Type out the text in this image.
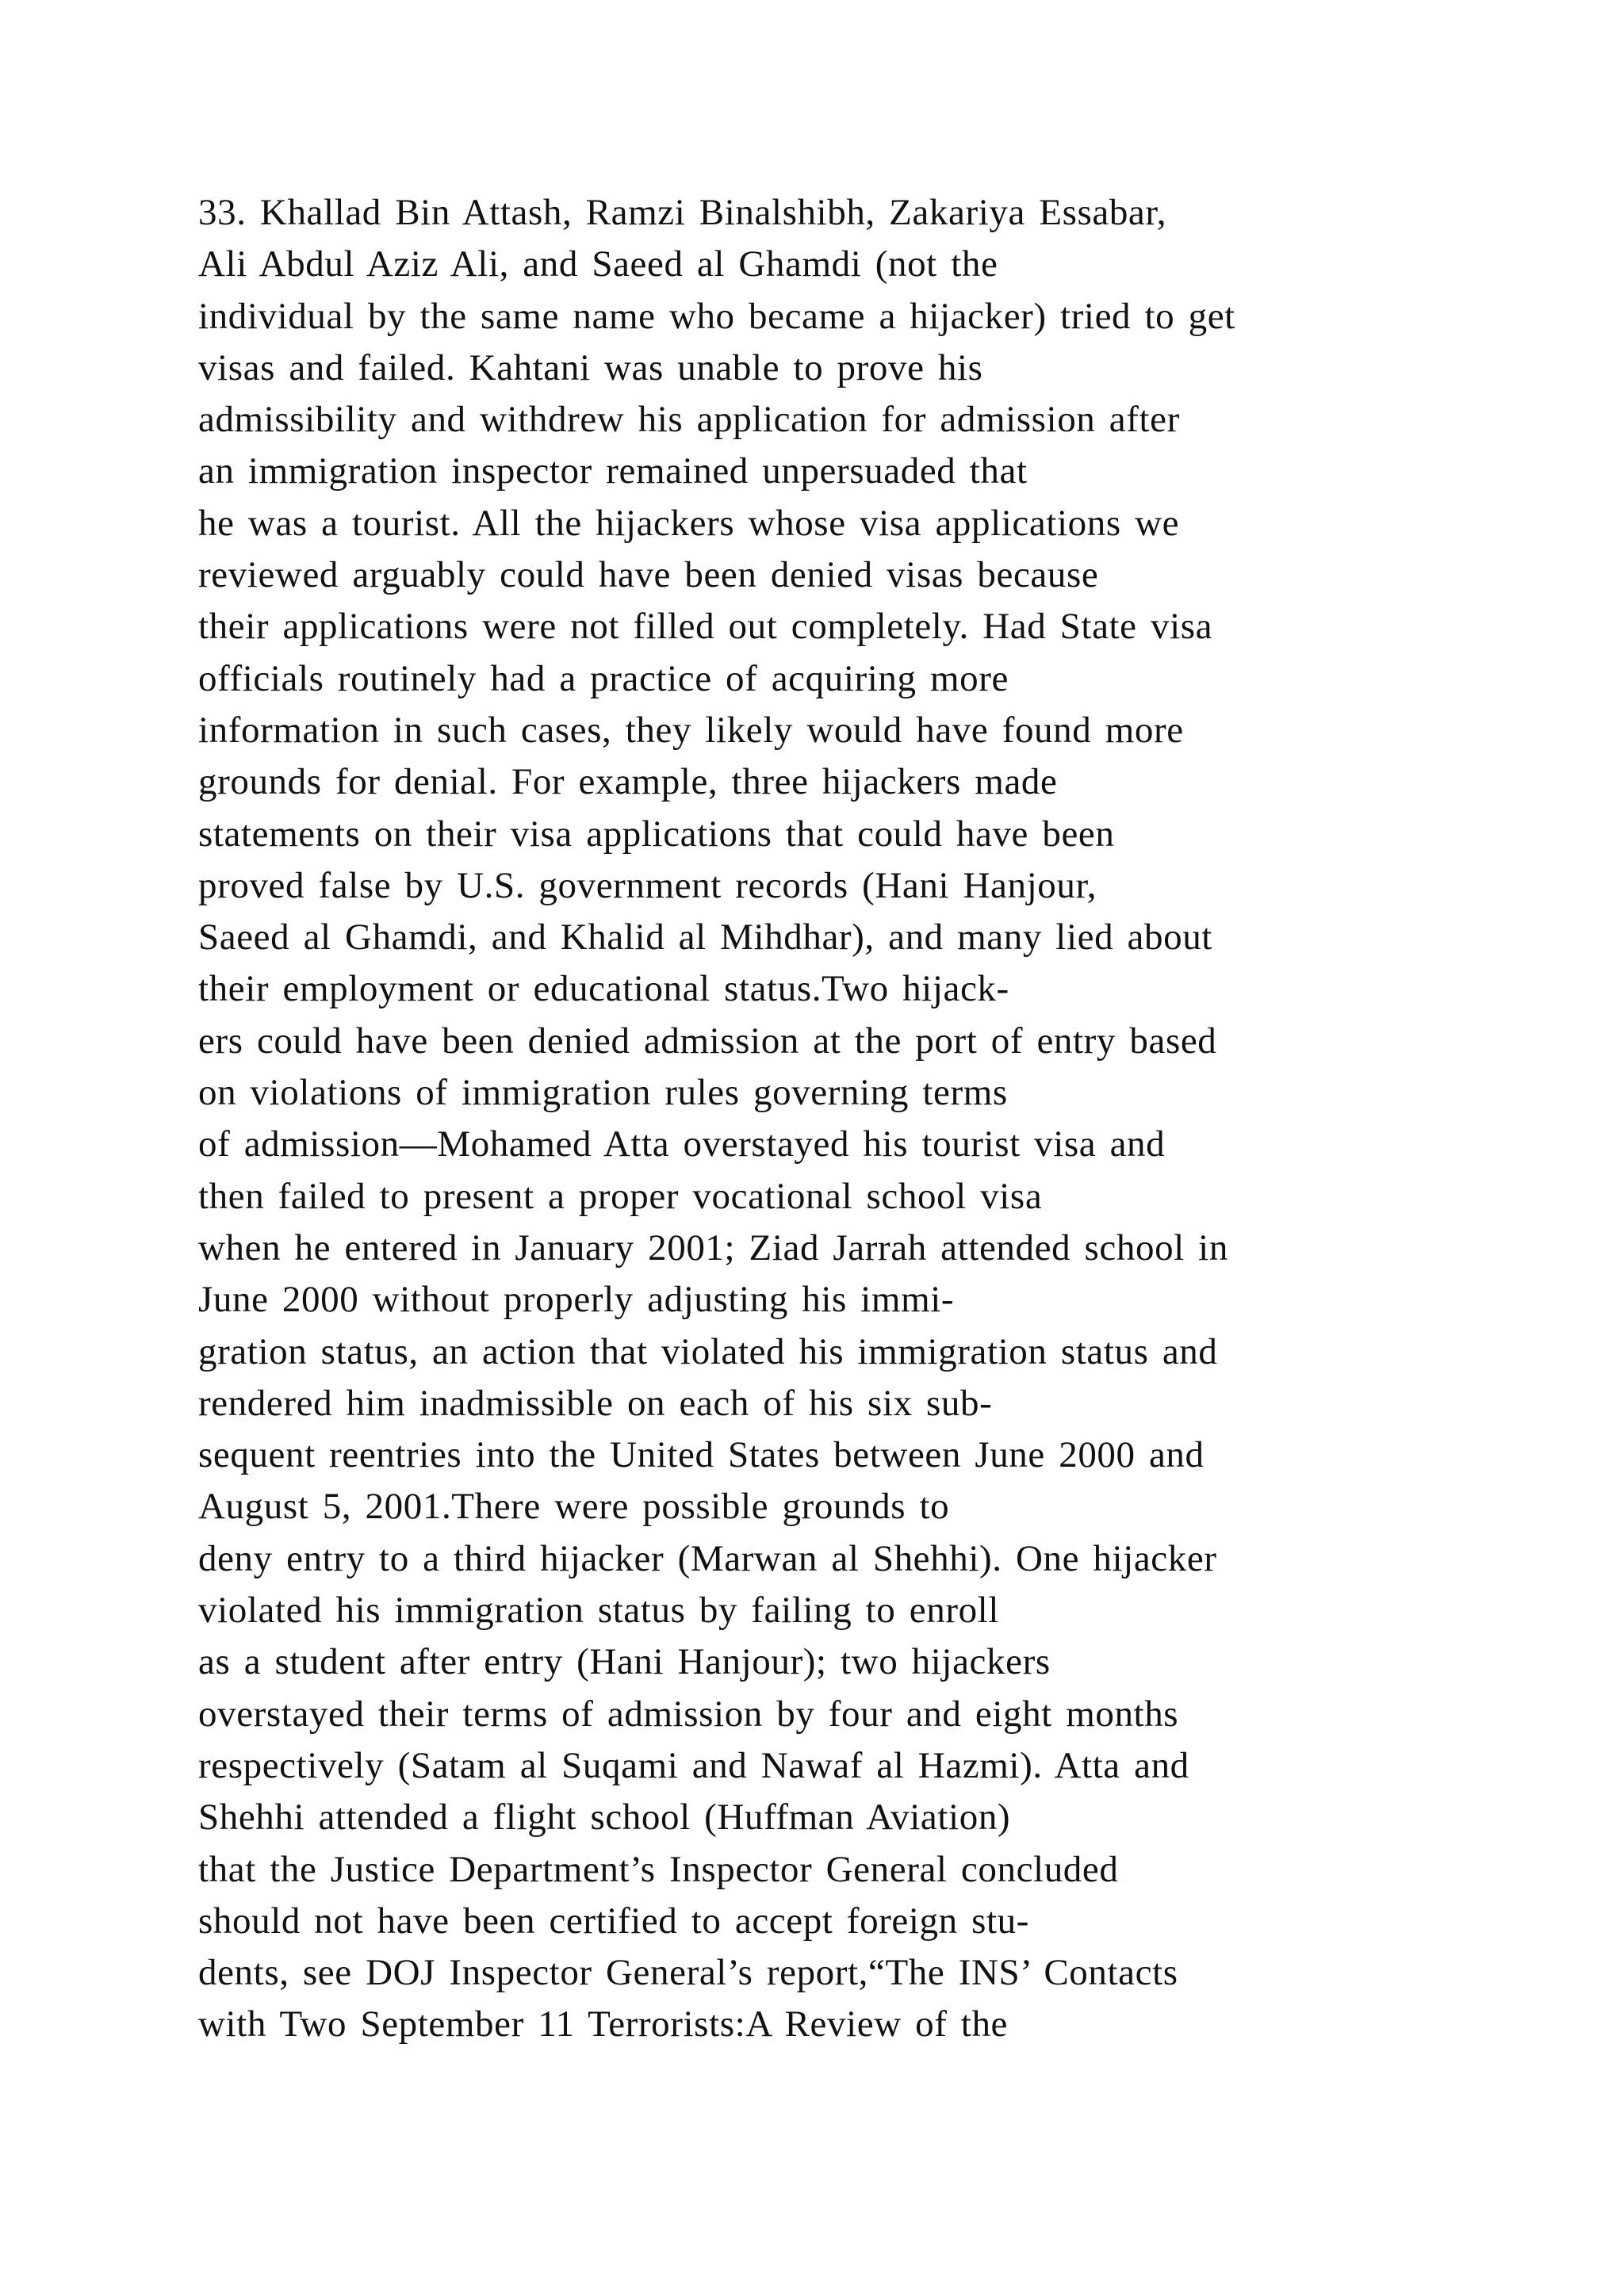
33. Khallad Bin Attash, Ramzi Binalshibh, Zakariya Essabar,
Ali Abdul Aziz Ali, and Saeed al Ghamdi (not the
individual by the same name who became a hijacker) tried to get
visas and failed. Kahtani was unable to prove his
admissibility and withdrew his application for admission after
an immigration inspector remained unpersuaded that
he was a tourist. All the hijackers whose visa applications we
reviewed arguably could have been denied visas because
their applications were not filled out completely. Had State visa
officials routinely had a practice of acquiring more
information in such cases, they likely would have found more
grounds for denial. For example, three hijackers made
statements on their visa applications that could have been
proved false by U.S. government records (Hani Hanjour,
Saeed al Ghamdi, and Khalid al Mihdhar), and many lied about
their employment or educational status.Two hijack-
ers could have been denied admission at the port of entry based
on violations of immigration rules governing terms
of admission—Mohamed Atta overstayed his tourist visa and
then failed to present a proper vocational school visa
when he entered in January 2001; Ziad Jarrah attended school in
June 2000 without properly adjusting his immi-
gration status, an action that violated his immigration status and
rendered him inadmissible on each of his six sub-
sequent reentries into the United States between June 2000 and
August 5, 2001.There were possible grounds to
deny entry to a third hijacker (Marwan al Shehhi). One hijacker
violated his immigration status by failing to enroll
as a student after entry (Hani Hanjour); two hijackers
overstayed their terms of admission by four and eight months
respectively (Satam al Suqami and Nawaf al Hazmi). Atta and
Shehhi attended a flight school (Huffman Aviation)
that the Justice Department’s Inspector General concluded
should not have been certified to accept foreign stu-
dents, see DOJ Inspector General’s report,“The INS’ Contacts
with Two September 11 Terrorists:A Review of the
